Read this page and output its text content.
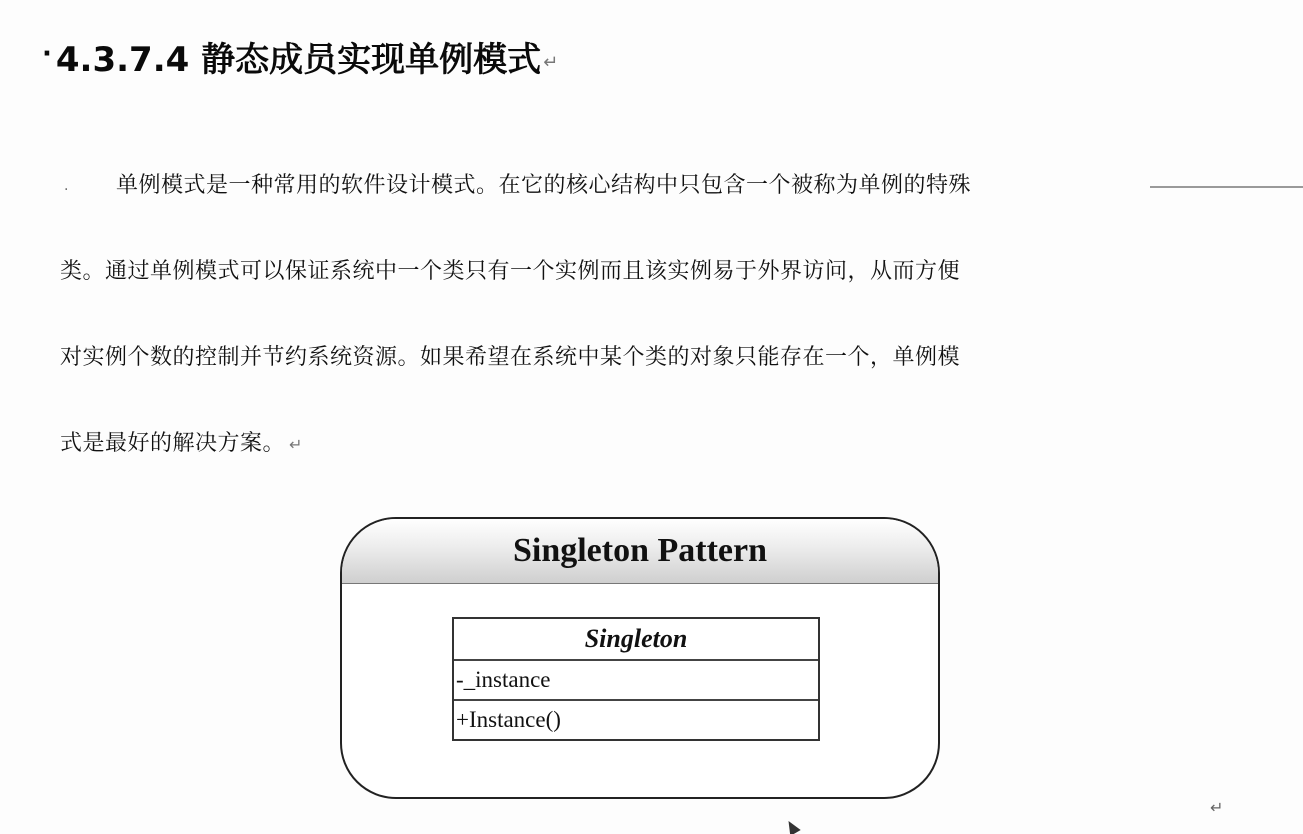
· 4.3.7.4 静态成员实现单例模式 ↵
· 单例模式是一种常用的软件设计模式。在它的核心结构中只包含一个被称为单例的特殊
类。通过单例模式可以保证系统中一个类只有一个实例而且该实例易于外界访问，从而方便
对实例个数的控制并节约系统资源。如果希望在系统中某个类的对象只能存在一个，单例模
式是最好的解决方案。 ↵
Singleton Pattern
Singleton
-_instance
+Instance()
↵
